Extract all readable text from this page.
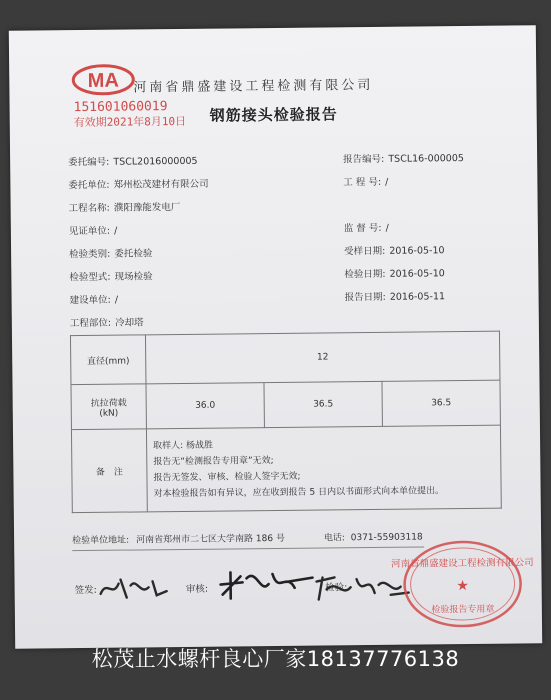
MA
151601060019
有效期2021年8月10日
河南省鼎盛建设工程检测有限公司
钢筋接头检验报告
委托编号: TSCL2016000005
委托单位: 郑州松茂建材有限公司
工程名称: 濮阳豫能发电厂
见证单位: /
检验类别: 委托检验
检验型式: 现场检验
建设单位: /
工程部位: 冷却塔
报告编号: TSCL16-000005
工 程 号: /
监 督 号: /
受样日期: 2016-05-10
检验日期: 2016-05-10
报告日期: 2016-05-11
直径(mm)	12		

抗拉荷载
(kN)	36.0	36.5	36.5
备　注	取样人: 杨战胜
报告无“检测报告专用章”无效;
报告无签发、审核、检验人签字无效;
对本检验报告如有异议，应在收到报告 5 日内以书面形式向本单位提出。		
检验单位地址: 河南省郑州市二七区大学南路 186 号	电话: 0371-55903118
签发:	审核:	检验:
河南省鼎盛建设工程检测有限公司
★
检验报告专用章
松茂止水螺杆良心厂家18137776138
